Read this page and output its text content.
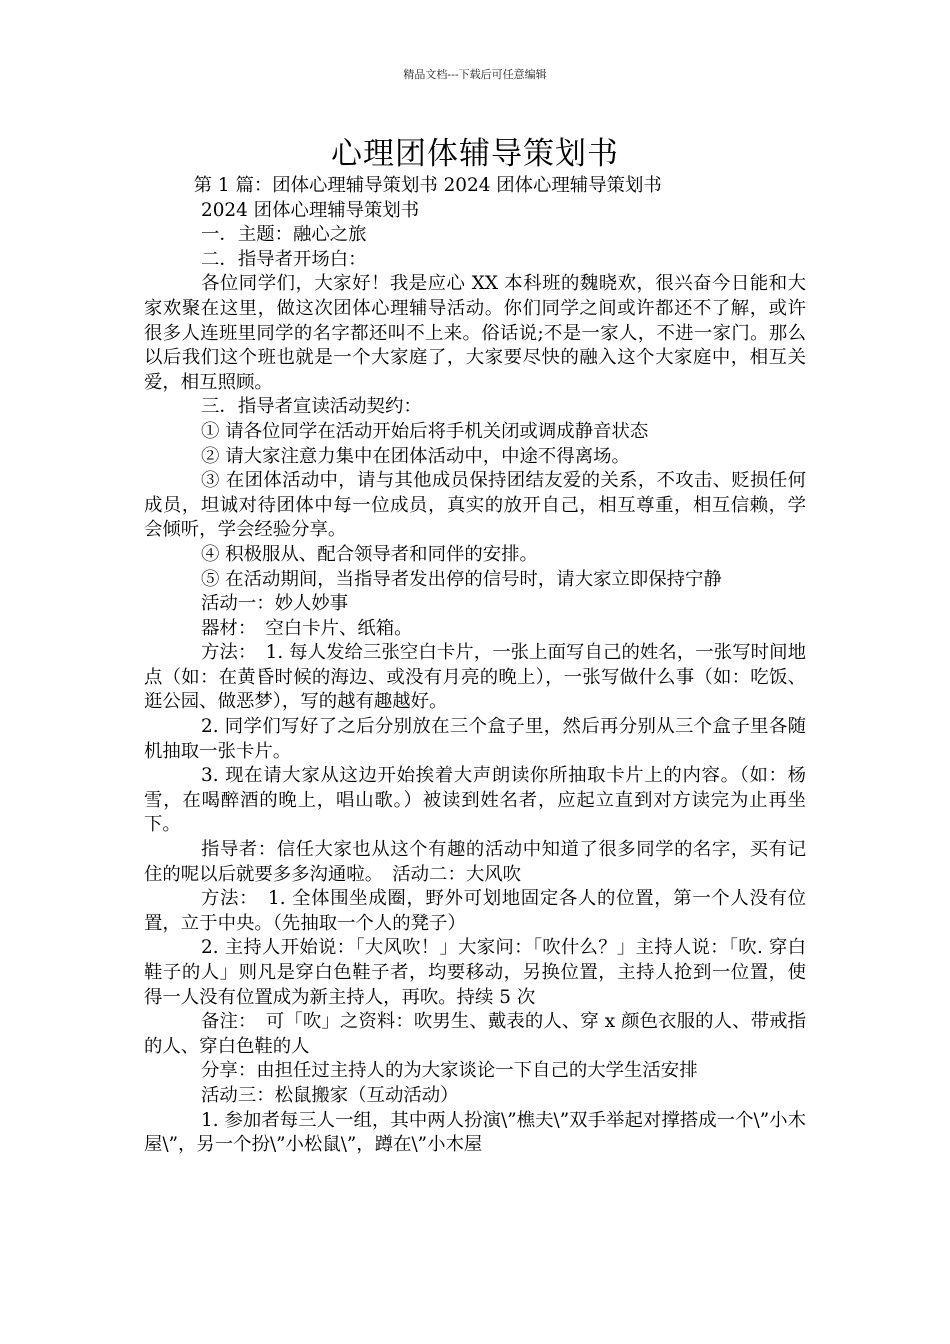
精品文档---下载后可任意编辑
心理团体辅导策划书

第 1 篇：团体心理辅导策划书 2024 团体心理辅导策划书

2024 团体心理辅导策划书

一．主题：融心之旅

二．指导者开场白：

各位同学们，大家好！我是应心 XX 本科班的魏晓欢，很兴奋今日能和大家欢聚在这里，做这次团体心理辅导活动。你们同学之间或许都还不了解，或许很多人连班里同学的名字都还叫不上来。俗话说;不是一家人，不进一家门。那么以后我们这个班也就是一个大家庭了，大家要尽快的融入这个大家庭中，相互关爱，相互照顾。

三．指导者宣读活动契约：

① 请各位同学在活动开始后将手机关闭或调成静音状态

② 请大家注意力集中在团体活动中，中途不得离场。

③ 在团体活动中，请与其他成员保持团结友爱的关系，不攻击、贬损任何成员，坦诚对待团体中每一位成员，真实的放开自己，相互尊重，相互信赖，学会倾听，学会经验分享。

④ 积极服从、配合领导者和同伴的安排。

⑤ 在活动期间，当指导者发出停的信号时，请大家立即保持宁静

活动一：妙人妙事

器材：　空白卡片、纸箱。

方法：　1. 每人发给三张空白卡片，一张上面写自己的姓名，一张写时间地点（如：在黄昏时候的海边、或没有月亮的晚上），一张写做什么事（如：吃饭、逛公园、做恶梦），写的越有趣越好。

2. 同学们写好了之后分别放在三个盒子里，然后再分别从三个盒子里各随机抽取一张卡片。

3. 现在请大家从这边开始挨着大声朗读你所抽取卡片上的内容。（如：杨雪，在喝醉酒的晚上，唱山歌。）被读到姓名者，应起立直到对方读完为止再坐下。

指导者：信任大家也从这个有趣的活动中知道了很多同学的名字，买有记住的呢以后就要多多沟通啦。　活动二：大风吹

方法：　1. 全体围坐成圈，野外可划地固定各人的位置，第一个人没有位置，立于中央。（先抽取一个人的凳子）

2. 主持人开始说：「大风吹！」大家问：「吹什么？」主持人说：「吹. 穿白鞋子的人」则凡是穿白色鞋子者，均要移动，另换位置，主持人抢到一位置，使得一人没有位置成为新主持人，再吹。持续 5 次

备注：　可「吹」之资料：吹男生、戴表的人、穿 x 颜色衣服的人、带戒指的人、穿白色鞋的人

分享：由担任过主持人的为大家谈论一下自己的大学生活安排

活动三：松鼠搬家（互动活动）

1. 参加者每三人一组，其中两人扮演\”樵夫\”双手举起对撑搭成一个\”小木屋\”，另一个扮\”小松鼠\”，蹲在\”小木屋
